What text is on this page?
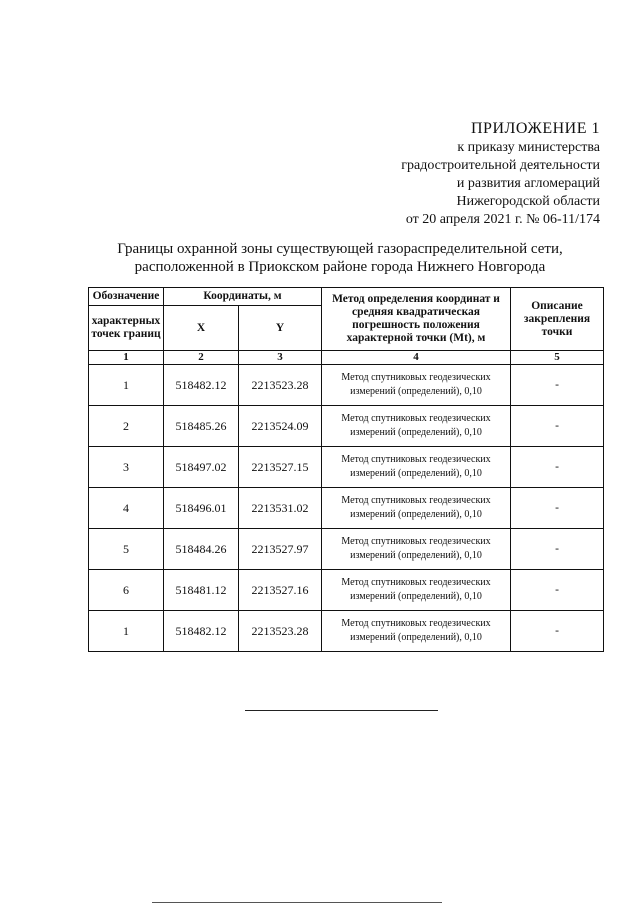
ПРИЛОЖЕНИЕ 1
к приказу министерства
градостроительной деятельности
и развития агломераций
Нижегородской области
от 20 апреля 2021 г. № 06-11/174
Границы охранной зоны существующей газораспределительной сети,
расположенной в Приокском районе города Нижнего Новгорода
Обозначение	Координаты, м		Метод определения координат и средняя квадратическая погрешность положения характерной точки (Mt), м	Описание закрепления точки
характерных точек границ	X	Y		
1	2	3	4	5
1	518482.12	2213523.28	Метод спутниковых геодезических измерений (определений), 0,10	-
2	518485.26	2213524.09	Метод спутниковых геодезических измерений (определений), 0,10	-
3	518497.02	2213527.15	Метод спутниковых геодезических измерений (определений), 0,10	-
4	518496.01	2213531.02	Метод спутниковых геодезических измерений (определений), 0,10	-
5	518484.26	2213527.97	Метод спутниковых геодезических измерений (определений), 0,10	-
6	518481.12	2213527.16	Метод спутниковых геодезических измерений (определений), 0,10	-
1	518482.12	2213523.28	Метод спутниковых геодезических измерений (определений), 0,10	-
